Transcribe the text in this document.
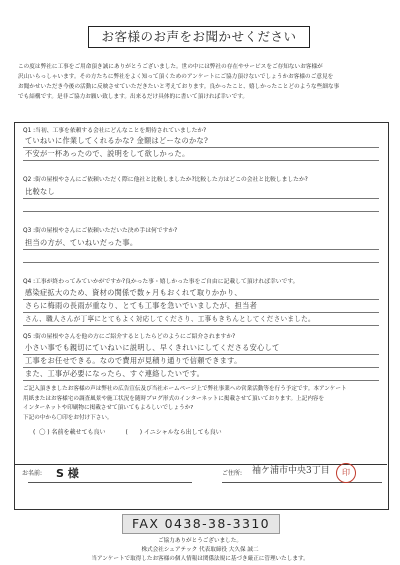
お客様のお声をお聞かせください
この度は弊社に工事をご用命頂き誠にありがとうございました。世の中には弊社の存在やサービスをご存知ないお客様が
沢山いらっしゃいます。その方たちに弊社をよく知って頂くためのアンケートにご協力頂けないでしょうかお客様のご意見を
お聞かせいただき今後の活動に反映させていただきたいと考えております。良かったこと、嬉しかったことどのような些細な事
でも結構です。是非ご協力お願い致します。出来るだけ具体的に書いて頂ければ幸いです。
Q1 :当初、工事を依頼する会社にどんなことを期待されていましたか?
ていねいに作業してくれるかな? 金額はどーなのかな?
不安が一杯あったので、説明をして欲しかった。
Q2 :街の屋根やさんにご依頼いただく際に他社と比較しましたか?比較した方はどこの会社と比較しましたか?
比較なし
Q3 :街の屋根やさんにご依頼いただいた決め手は何ですか?
担当の方が、ていねいだった事。
Q4 :工事が終わってみていかがですか?良かった事・嬉しかった事をご自由に記載して頂ければ幸いです。
感染症拡大のため、資材の関係で数ヶ月もおくれて取りかかり、
さらに梅雨の長雨が重なり、とても工事を急いでいましたが、担当者
さん、職人さんが丁寧にとてもよく対応してくださり、工事もきちんとしてくださいました。
Q5 :街の屋根やさんを他の方にご紹介するとしたらどのようにご紹介されますか?
小さい事でも親切にていねいに説明し、早くきれいにしてくださる安心して
工事をお任せできる。なので費用が見積り通りで信頼できます。
また、工事が必要になったら、すぐ連絡したいです。
ご記入頂きましたお客様の声は弊社の広告宣伝及び当社ホームページ上で弊社事業への営業活動等を行う予定です。本アンケート
用紙またはお客様宅の調査風景や施工状況を随時ブログ形式のインターネットに掲載させて頂いております。上記内容を
インターネットや印刷物に掲載させて頂いてもよろしいでしょうか?
下記の中から〇印をお付け下さい。
( 〇 ) 名前を載せても良い	( ) イニシャルなら出しても良い
お名前: S 様	ご住所: 袖ケ浦市中央3丁目	印
FAX 0438-38-3310
ご協力ありがとうございました。
株式会社シェアテック 代表取締役 大久保 誠二
当アンケートで取得したお客様の個人情報は関係法規に基づき厳正に管理いたします。
